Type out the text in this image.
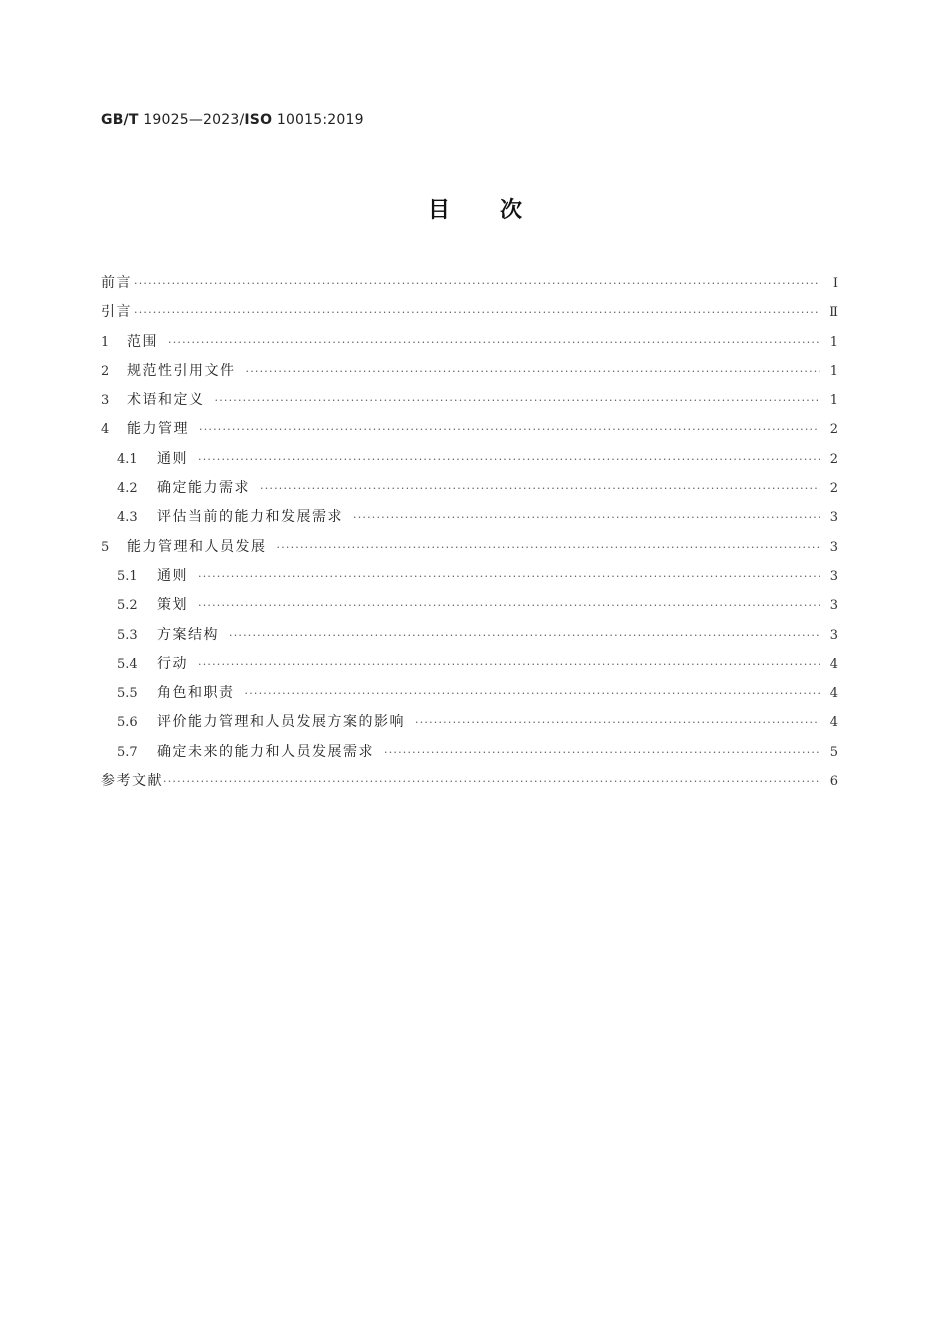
GB/T 19025—2023/ISO 10015:2019
目次
前言 ·····	Ⅰ
引言 ·····	Ⅱ
1	范围 ·····	1
2	规范性引用文件 ·····	1
3	术语和定义 ·····	1
4	能力管理 ·····	2
4.1	通则 ·····	2
4.2	确定能力需求 ·····	2
4.3	评估当前的能力和发展需求 ·····	3
5	能力管理和人员发展 ·····	3
5.1	通则 ·····	3
5.2	策划 ·····	3
5.3	方案结构 ·····	3
5.4	行动 ·····	4
5.5	角色和职责 ·····	4
5.6	评价能力管理和人员发展方案的影响 ·····	4
5.7	确定未来的能力和人员发展需求 ·····	5
参考文献 ·····	6
